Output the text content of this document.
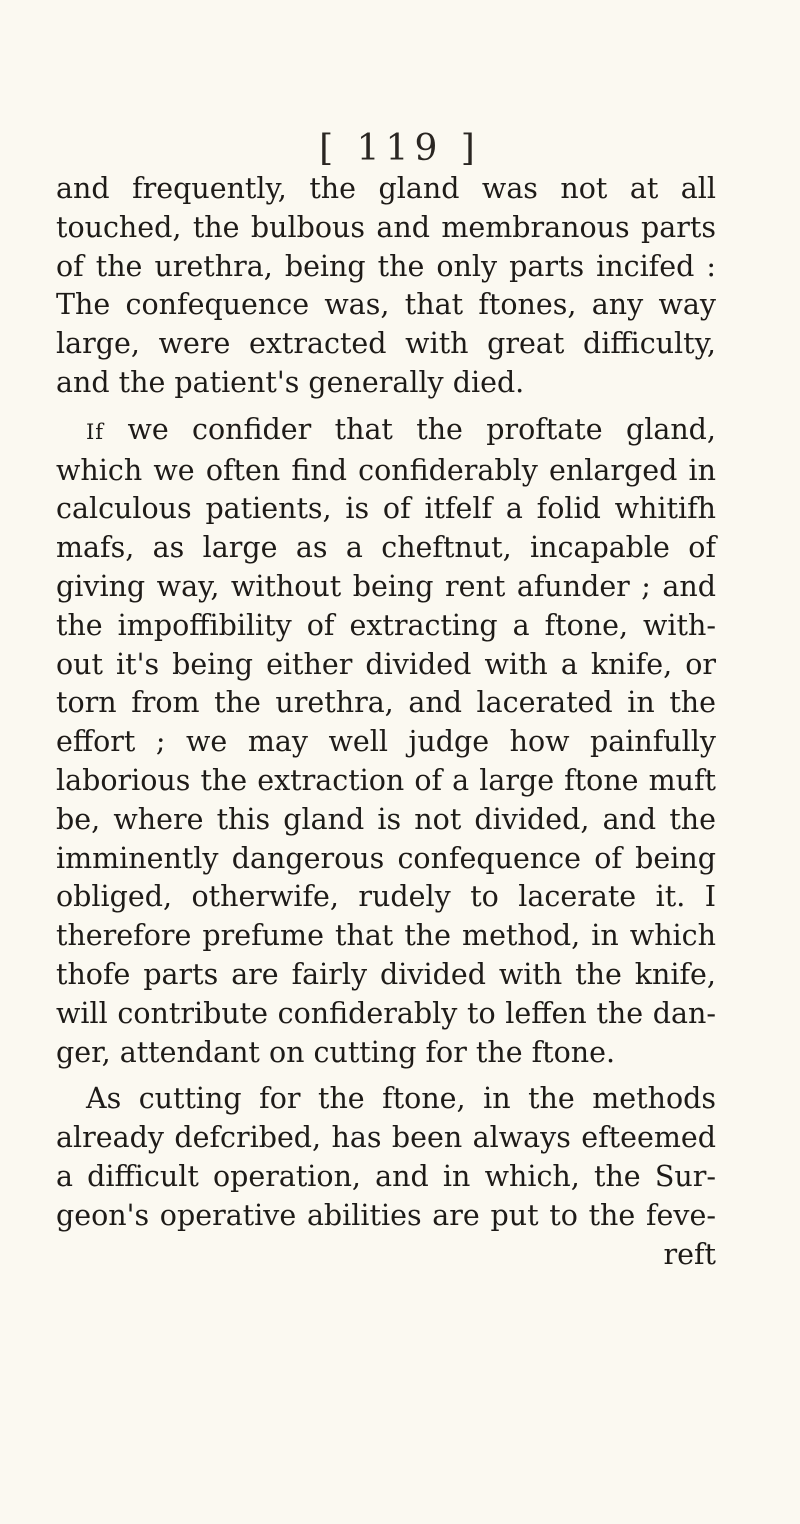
[ 119 ]
and frequently, the gland was not at all
touched, the bulbous and membranous parts
of the urethra, being the only parts incifed :
The confequence was, that ftones, any way
large, were extracted with great difficulty,
and the patient's generally died.
If we confider that the proftate gland,
which we often find confiderably enlarged in
calculous patients, is of itfelf a folid whitifh
mafs, as large as a cheftnut, incapable of
giving way, without being rent afunder ; and
the impoffibility of extracting a ftone, with-
out it's being either divided with a knife, or
torn from the urethra, and lacerated in the
effort ; we may well judge how painfully
laborious the extraction of a large ftone muft
be, where this gland is not divided, and the
imminently dangerous confequence of being
obliged, otherwife, rudely to lacerate it. I
therefore prefume that the method, in which
thofe parts are fairly divided with the knife,
will contribute confiderably to leffen the dan-
ger, attendant on cutting for the ftone.
As cutting for the ftone, in the methods
already defcribed, has been always efteemed
a difficult operation, and in which, the Sur-
geon's operative abilities are put to the feve-
reft
